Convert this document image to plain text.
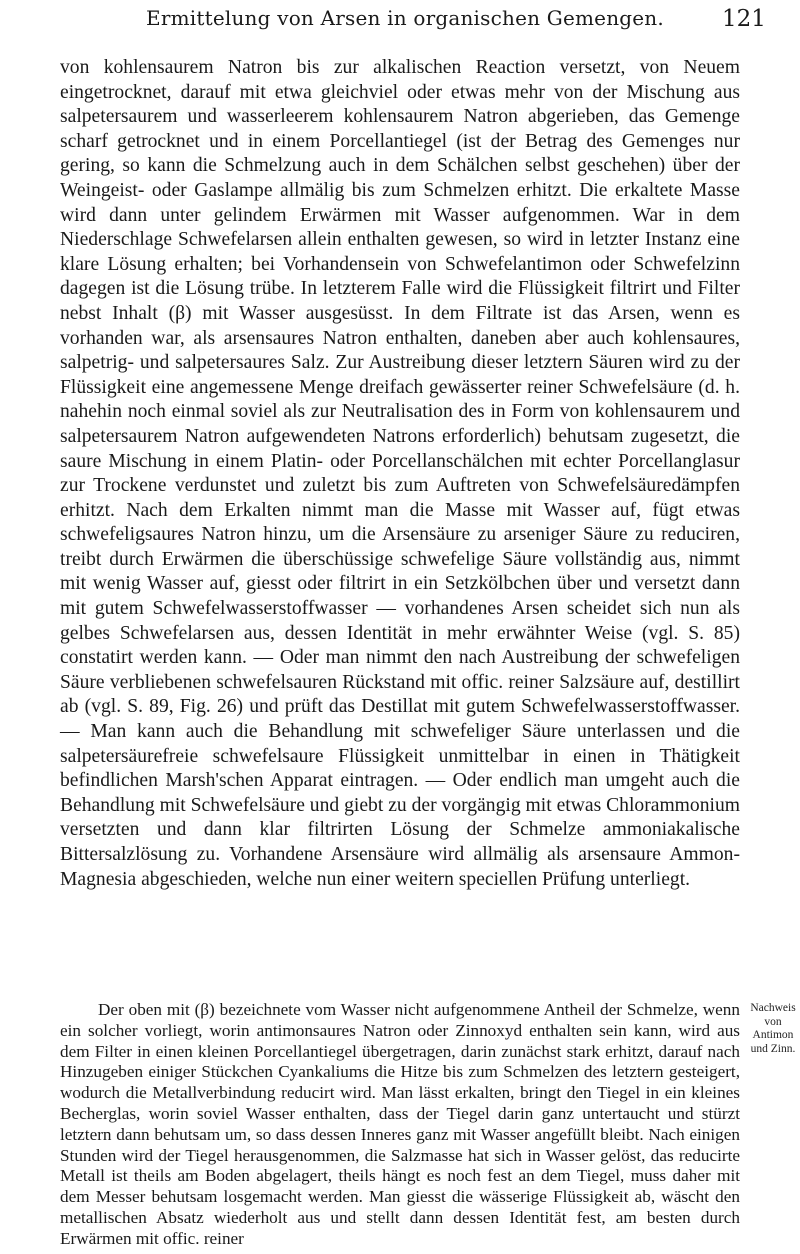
Ermittelung von Arsen in organischen Gemengen.	121

von kohlensaurem Natron bis zur alkalischen Reaction versetzt, von Neuem eingetrocknet, darauf mit etwa gleichviel oder etwas mehr von der Mischung aus salpetersaurem und wasserleerem kohlensaurem Natron abgerieben, das Gemenge scharf getrocknet und in einem Porcellantiegel (ist der Betrag des Gemenges nur gering, so kann die Schmelzung auch in dem Schälchen selbst geschehen) über der Weingeist- oder Gaslampe allmälig bis zum Schmelzen erhitzt. Die erkaltete Masse wird dann unter gelindem Erwärmen mit Wasser aufgenommen. War in dem Niederschlage Schwefelarsen allein enthalten gewesen, so wird in letzter Instanz eine klare Lösung erhalten; bei Vorhandensein von Schwefelantimon oder Schwefelzinn dagegen ist die Lösung trübe. In letzterem Falle wird die Flüssigkeit filtrirt und Filter nebst Inhalt (β) mit Wasser ausgesüsst. In dem Filtrate ist das Arsen, wenn es vorhanden war, als arsensaures Natron enthalten, daneben aber auch kohlensaures, salpetrig- und salpetersaures Salz. Zur Austreibung dieser letztern Säuren wird zu der Flüssigkeit eine angemessene Menge dreifach gewässerter reiner Schwefelsäure (d. h. nahehin noch einmal soviel als zur Neutralisation des in Form von kohlensaurem und salpetersaurem Natron aufgewendeten Natrons erforderlich) behutsam zugesetzt, die saure Mischung in einem Platin- oder Porcellanschälchen mit echter Porcellanglasur zur Trockene verdunstet und zuletzt bis zum Auftreten von Schwefelsäuredämpfen erhitzt. Nach dem Erkalten nimmt man die Masse mit Wasser auf, fügt etwas schwefeligsaures Natron hinzu, um die Arsensäure zu arseniger Säure zu reduciren, treibt durch Erwärmen die überschüssige schwefelige Säure vollständig aus, nimmt mit wenig Wasser auf, giesst oder filtrirt in ein Setzkölbchen über und versetzt dann mit gutem Schwefelwasserstoffwasser — vorhandenes Arsen scheidet sich nun als gelbes Schwefelarsen aus, dessen Identität in mehr erwähnter Weise (vgl. S. 85) constatirt werden kann. — Oder man nimmt den nach Austreibung der schwefeligen Säure verbliebenen schwefelsauren Rückstand mit offic. reiner Salzsäure auf, destillirt ab (vgl. S. 89, Fig. 26) und prüft das Destillat mit gutem Schwefelwasserstoffwasser. — Man kann auch die Behandlung mit schwefeliger Säure unterlassen und die salpetersäurefreie schwefelsaure Flüssigkeit unmittelbar in einen in Thätigkeit befindlichen Marsh'schen Apparat eintragen. — Oder endlich man umgeht auch die Behandlung mit Schwefelsäure und giebt zu der vorgängig mit etwas Chlorammonium versetzten und dann klar filtrirten Lösung der Schmelze ammoniakalische Bittersalzlösung zu. Vorhandene Arsensäure wird allmälig als arsensaure Ammon-Magnesia abgeschieden, welche nun einer weitern speciellen Prüfung unterliegt.

Der oben mit (β) bezeichnete vom Wasser nicht aufgenommene Antheil der Schmelze, wenn ein solcher vorliegt, worin antimonsaures Natron oder Zinnoxyd enthalten sein kann, wird aus dem Filter in einen kleinen Porcellantiegel übergetragen, darin zunächst stark erhitzt, darauf nach Hinzugeben einiger Stückchen Cyankaliums die Hitze bis zum Schmelzen des letztern gesteigert, wodurch die Metallverbindung reducirt wird. Man lässt erkalten, bringt den Tiegel in ein kleines Becherglas, worin soviel Wasser enthalten, dass der Tiegel darin ganz untertaucht und stürzt letztern dann behutsam um, so dass dessen Inneres ganz mit Wasser angefüllt bleibt. Nach einigen Stunden wird der Tiegel herausgenommen, die Salzmasse hat sich in Wasser gelöst, das reducirte Metall ist theils am Boden abgelagert, theils hängt es noch fest an dem Tiegel, muss daher mit dem Messer behutsam losgemacht werden. Man giesst die wässerige Flüssigkeit ab, wäscht den metallischen Absatz wiederholt aus und stellt dann dessen Identität fest, am besten durch Erwärmen mit offic. reiner

Nachweis
von Antimon
und Zinn.
